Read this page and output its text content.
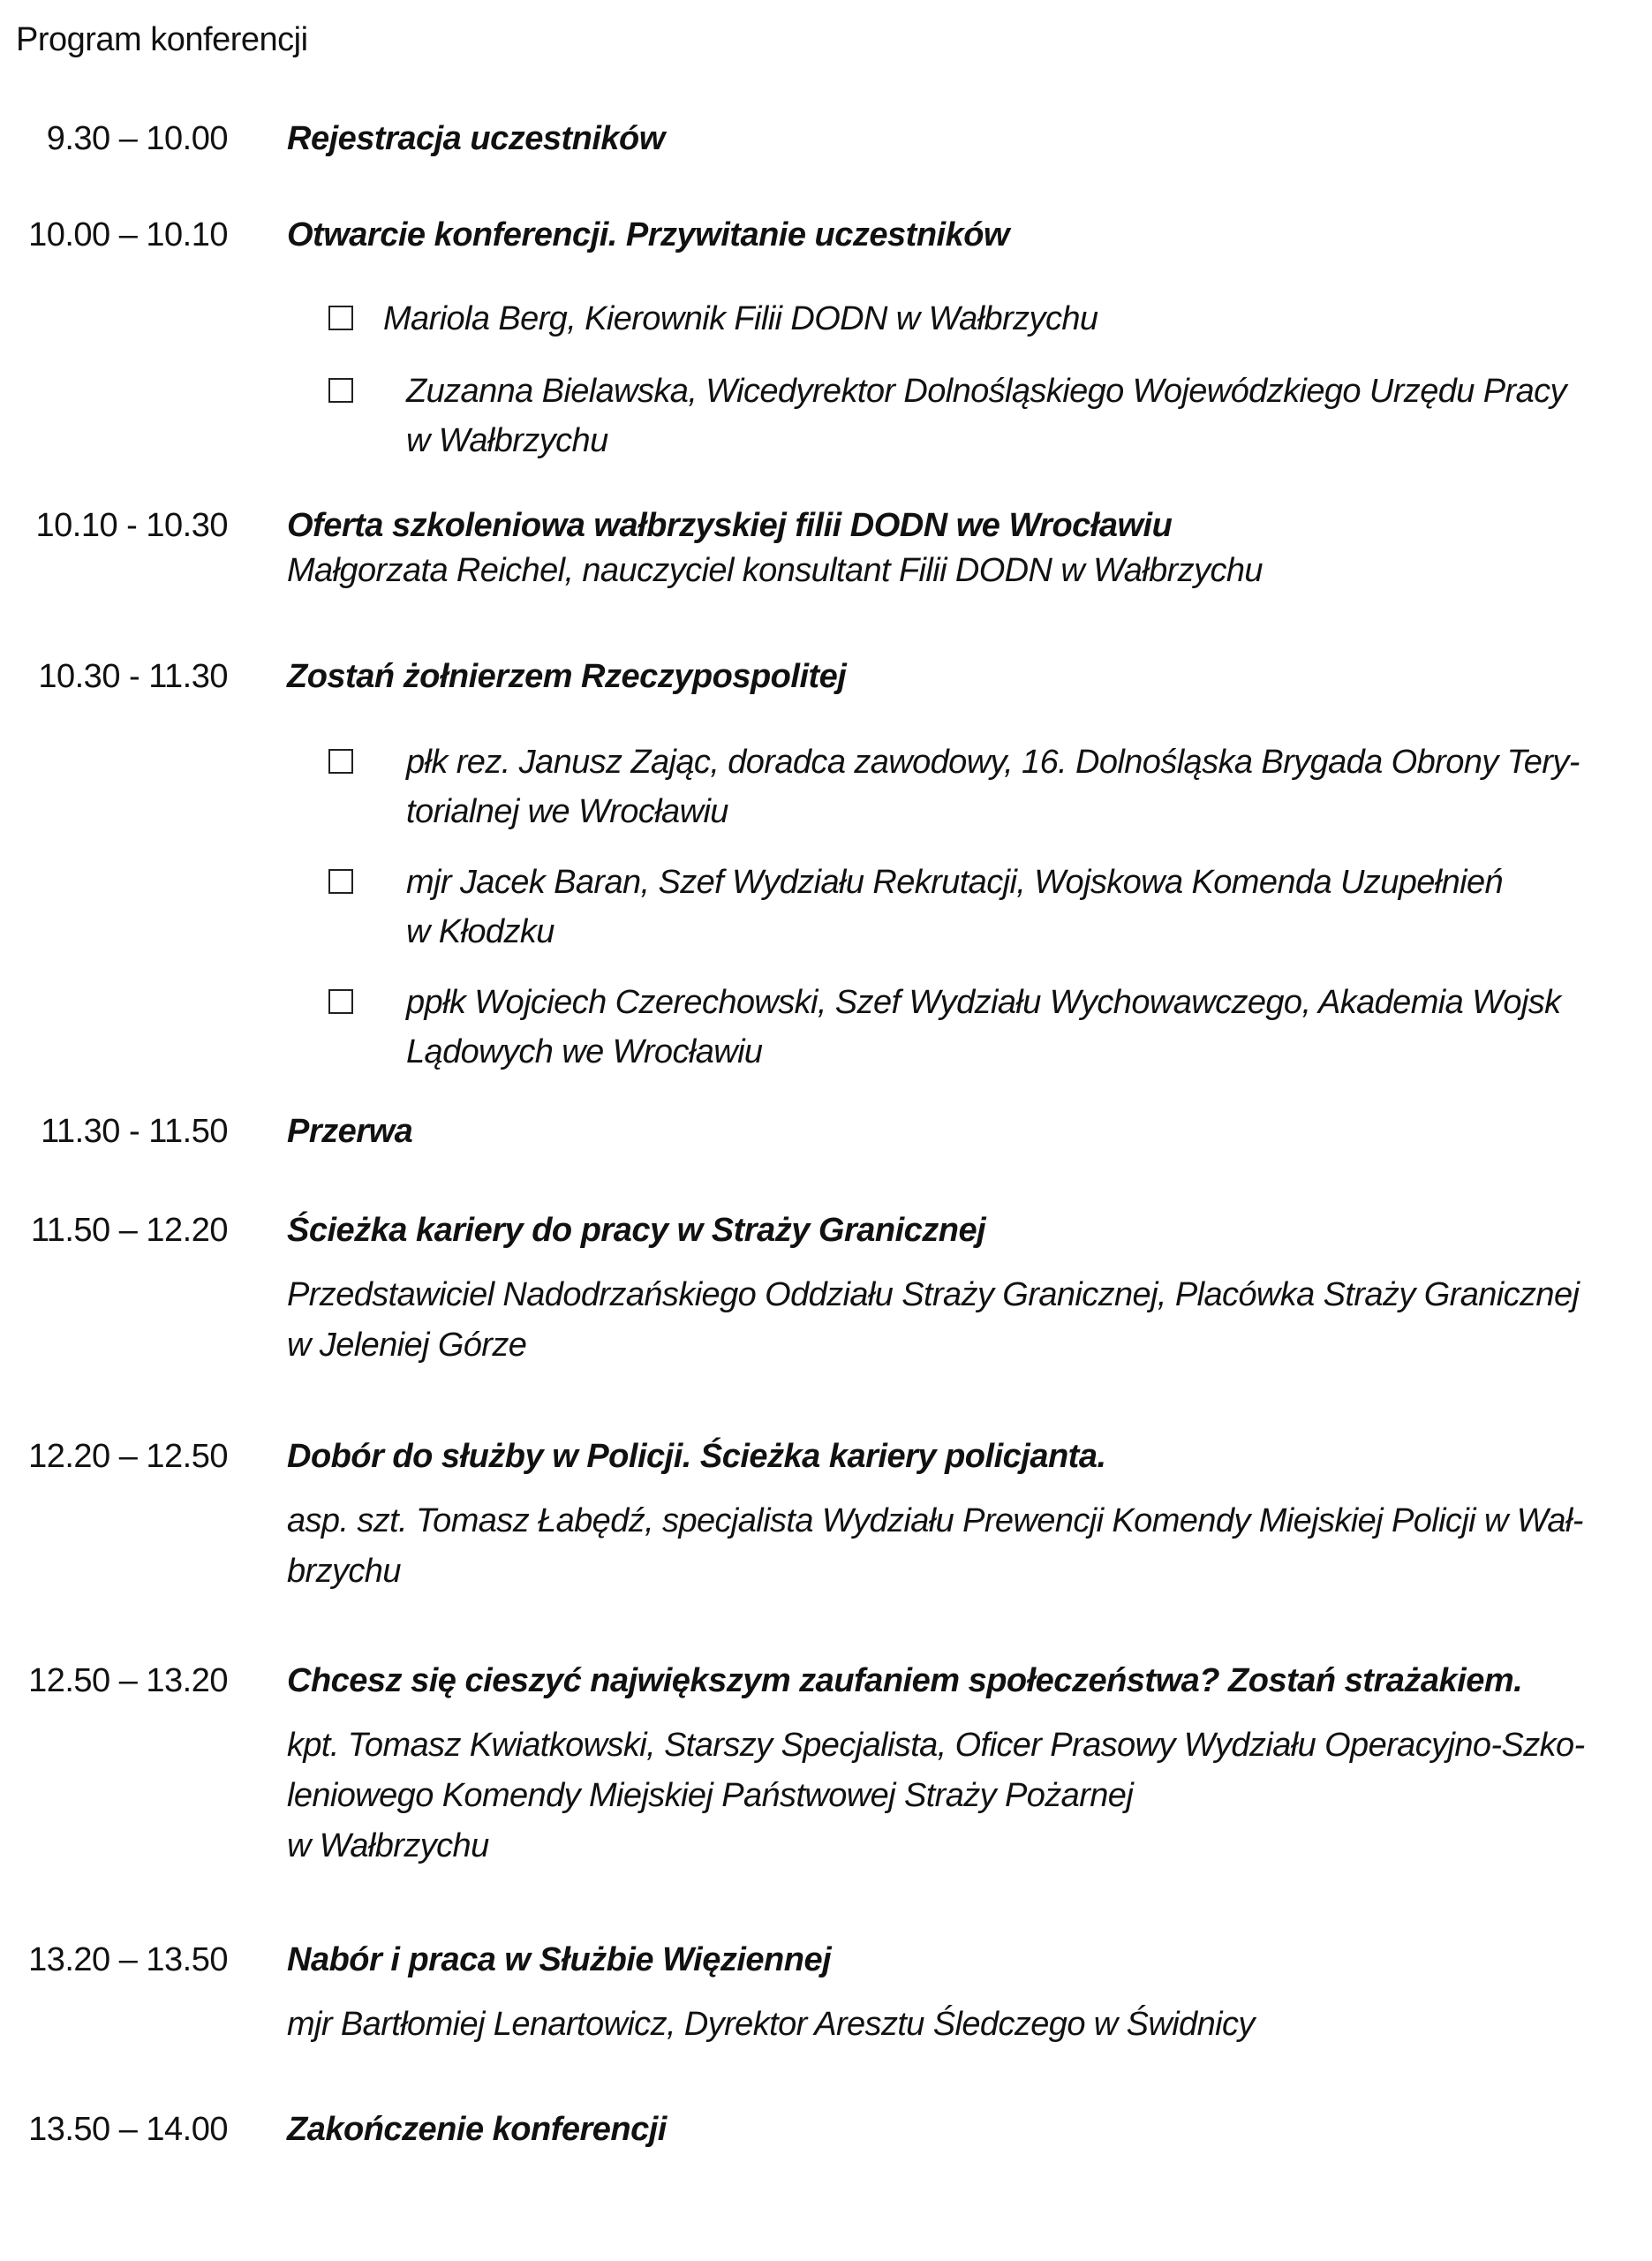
Program konferencji
9.30 – 10.00 Rejestracja uczestników
10.00 – 10.10 Otwarcie konferencji. Przywitanie uczestników
Mariola Berg, Kierownik Filii DODN w Wałbrzychu
Zuzanna Bielawska, Wicedyrektor Dolnośląskiego Wojewódzkiego Urzędu Pracy
w Wałbrzychu
10.10 - 10.30 Oferta szkoleniowa wałbrzyskiej filii DODN we Wrocławiu
Małgorzata Reichel, nauczyciel konsultant Filii DODN w Wałbrzychu
10.30 - 11.30 Zostań żołnierzem Rzeczypospolitej
płk rez. Janusz Zając, doradca zawodowy, 16. Dolnośląska Brygada Obrony Tery-
torialnej we Wrocławiu
mjr Jacek Baran, Szef Wydziału Rekrutacji, Wojskowa Komenda Uzupełnień
w Kłodzku
ppłk Wojciech Czerechowski, Szef Wydziału Wychowawczego, Akademia Wojsk
Lądowych we Wrocławiu
11.30 - 11.50 Przerwa
11.50 – 12.20 Ścieżka kariery do pracy w Straży Granicznej
Przedstawiciel Nadodrzańskiego Oddziału Straży Granicznej, Placówka Straży Granicznej
w Jeleniej Górze
12.20 – 12.50 Dobór do służby w Policji. Ścieżka kariery policjanta.
asp. szt. Tomasz Łabędź, specjalista Wydziału Prewencji Komendy Miejskiej Policji w Wał-
brzychu
12.50 – 13.20 Chcesz się cieszyć największym zaufaniem społeczeństwa? Zostań strażakiem.
kpt. Tomasz Kwiatkowski, Starszy Specjalista, Oficer Prasowy Wydziału Operacyjno-Szko-
leniowego Komendy Miejskiej Państwowej Straży Pożarnej
w Wałbrzychu
13.20 – 13.50 Nabór i praca w Służbie Więziennej
mjr Bartłomiej Lenartowicz, Dyrektor Aresztu Śledczego w Świdnicy
13.50 – 14.00 Zakończenie konferencji
